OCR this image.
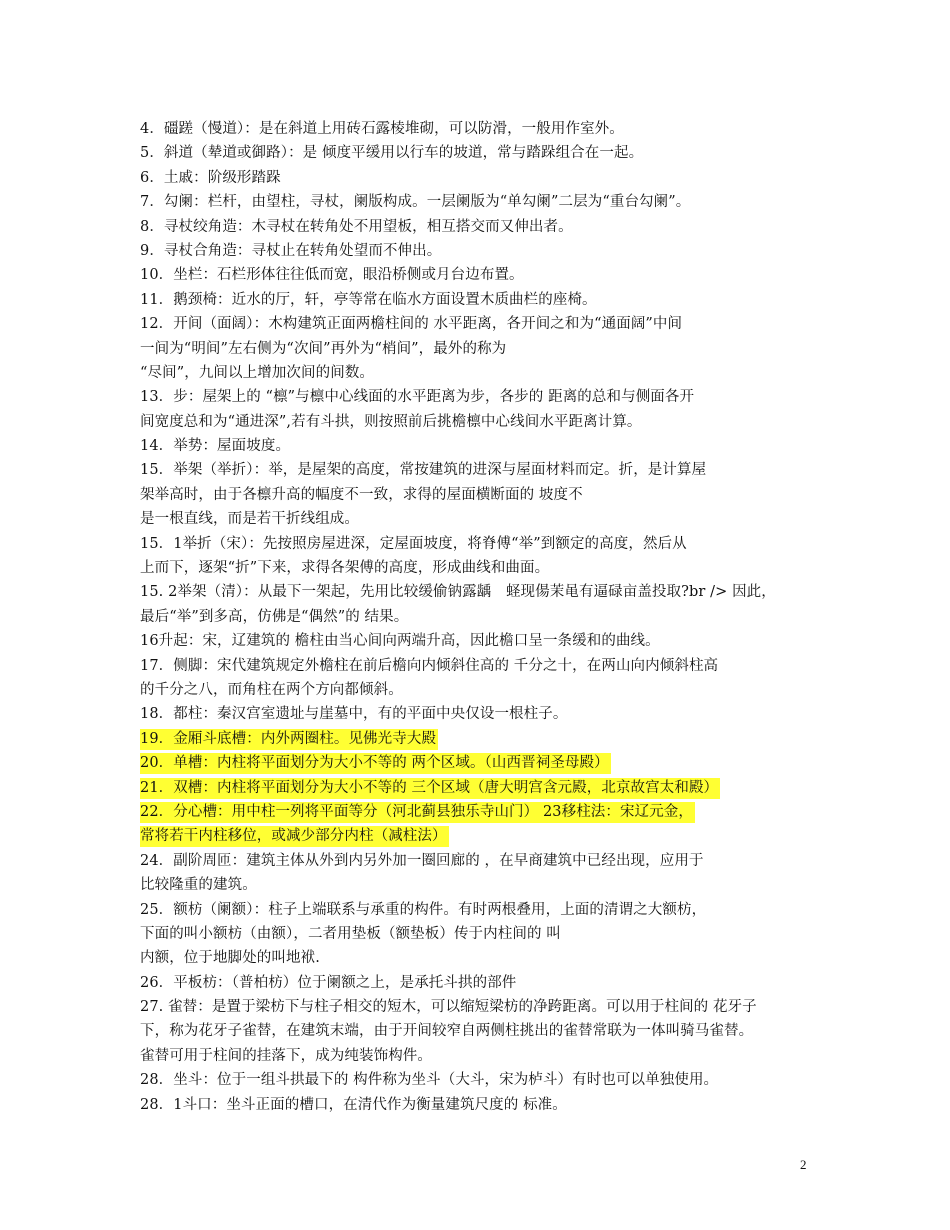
4．礓蹉（慢道）：是在斜道上用砖石露棱堆砌，可以防滑，一般用作室外。
5．斜道（辇道或御路）：是 倾度平缓用以行车的坡道，常与踏跺组合在一起。
6．土戚：阶级形踏跺
7．勾阑：栏杆，由望柱，寻杖，阑版构成。一层阑版为“单勾阑”二层为“重台勾阑”。
8．寻杖绞角造：木寻杖在转角处不用望板，相互搭交而又伸出者。
9．寻杖合角造：寻杖止在转角处望而不伸出。
10．坐栏：石栏形体往往低而宽，眼沿桥侧或月台边布置。
11．鹅颈椅：近水的厅，轩，亭等常在临水方面设置木质曲栏的座椅。
12．开间（面阔）：木构建筑正面两檐柱间的 水平距离，各开间之和为“通面阔”中间
一间为“明间”左右侧为“次间”再外为“梢间”，最外的称为
“尽间”，九间以上增加次间的间数。
13．步：屋架上的 “檩”与檩中心线面的水平距离为步，各步的 距离的总和与侧面各开
间宽度总和为“通进深”,若有斗拱，则按照前后挑檐檩中心线间水平距离计算。
14．举势：屋面坡度。
15．举架（举折）：举，是屋架的高度，常按建筑的进深与屋面材料而定。折，是计算屋
架举高时，由于各檩升高的幅度不一致，求得的屋面横断面的 坡度不
是一根直线，而是若干折线组成。
15．1举折（宋）：先按照房屋进深，定屋面坡度，将脊傅“举”到额定的高度，然后从
上而下，逐架“折”下来，求得各架傅的高度，形成曲线和曲面。
15. 2举架（清）：从最下一架起，先用比较缓偷钠露龋　蛏现偒茉黾有逼碌亩盖投取?br /> 因此，
最后“举”到多高，仿佛是“偶然”的 结果。
16升起：宋，辽建筑的 檐柱由当心间向两端升高，因此檐口呈一条缓和的曲线。
17．侧脚：宋代建筑规定外檐柱在前后檐向内倾斜住高的 千分之十，在两山向内倾斜柱高
的千分之八，而角柱在两个方向都倾斜。
18．都柱：秦汉宫室遗址与崖墓中，有的平面中央仅设一根柱子。
19．金厢斗底槽：内外两圈柱。见佛光寺大殿
20．单槽：内柱将平面划分为大小不等的 两个区域。（山西晋祠圣母殿）
21．双槽：内柱将平面划分为大小不等的 三个区域（唐大明宫含元殿，北京故宫太和殿）
22．分心槽：用中柱一列将平面等分（河北蓟县独乐寺山门） 23移柱法：宋辽元金，
常将若干内柱移位，或减少部分内柱（减柱法）
24．副阶周匝：建筑主体从外到内另外加一圈回廊的 ，在早商建筑中已经出现，应用于
比较隆重的建筑。
25．额枋（阑额）：柱子上端联系与承重的构件。有时两根叠用，上面的清谓之大额枋，
下面的叫小额枋（由额），二者用垫板（额垫板）传于内柱间的 叫
内额，位于地脚处的叫地袱.
26．平板枋：（普柏枋）位于阑额之上，是承托斗拱的部件
27. 雀替：是置于梁枋下与柱子相交的短木，可以缩短梁枋的净跨距离。可以用于柱间的 花牙子
下，称为花牙子雀替，在建筑末端，由于开间较窄自两侧柱挑出的雀替常联为一体叫骑马雀替。
雀替可用于柱间的挂落下，成为纯装饰构件。
28．坐斗：位于一组斗拱最下的 构件称为坐斗（大斗，宋为栌斗）有时也可以单独使用。
28．1斗口：坐斗正面的槽口，在清代作为衡量建筑尺度的 标准。
2
